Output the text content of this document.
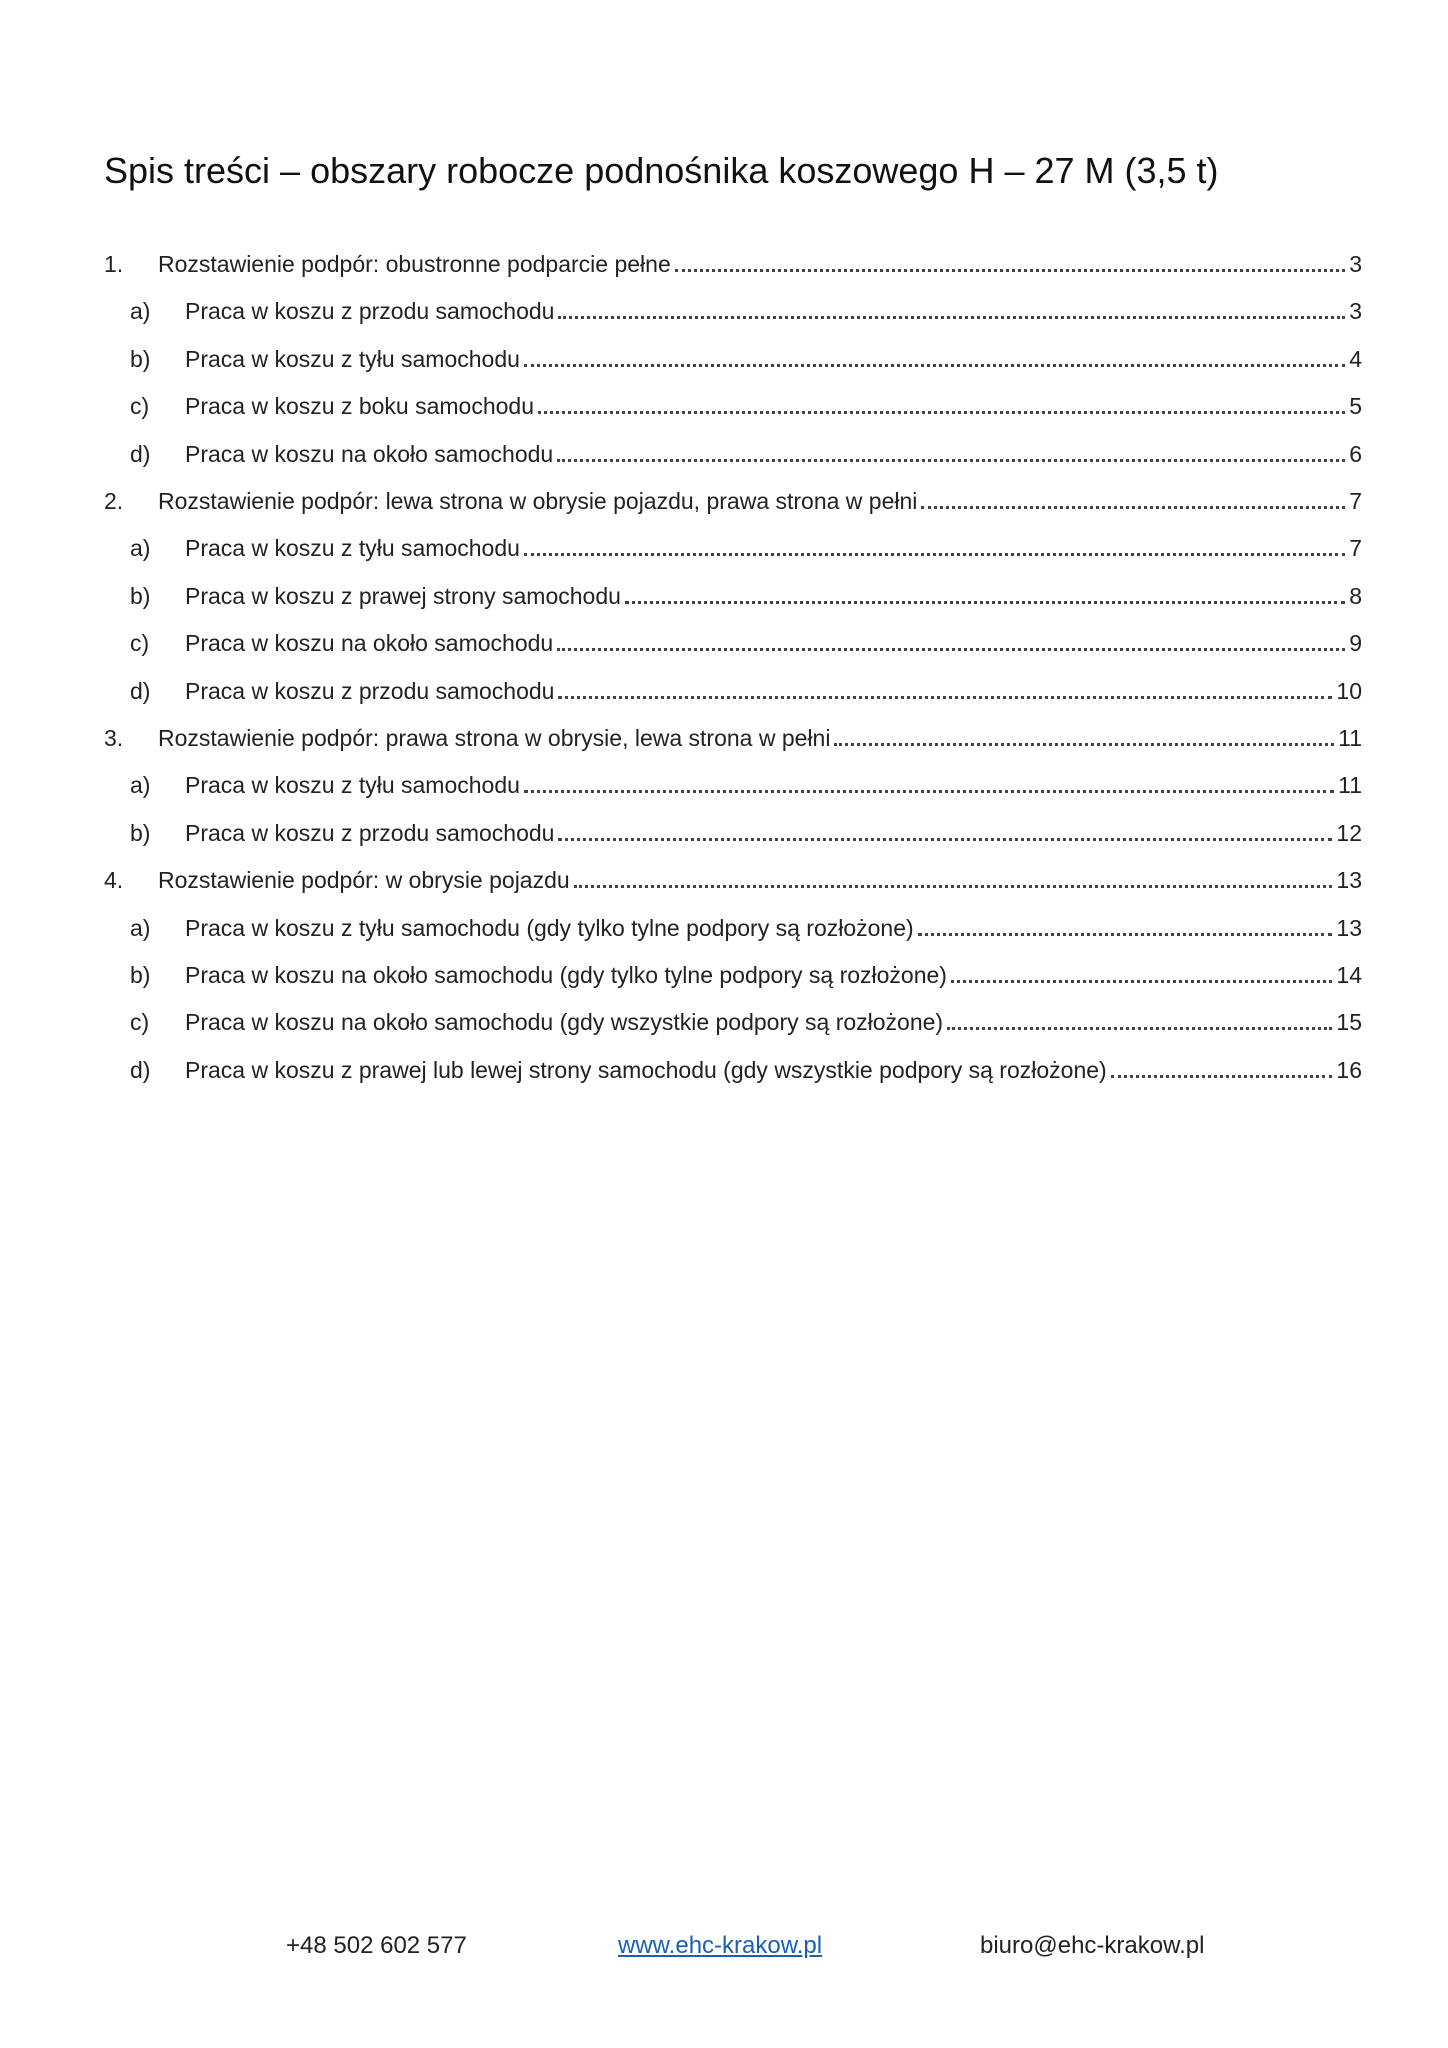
Spis treści – obszary robocze podnośnika koszowego H – 27 M (3,5 t)
1.	Rozstawienie podpór: obustronne podparcie pełne	3
a)	Praca w koszu z przodu samochodu	3
b)	Praca w koszu z tyłu samochodu	4
c)	Praca w koszu z boku samochodu	5
d)	Praca w koszu na około samochodu	6
2.	Rozstawienie podpór: lewa strona w obrysie pojazdu, prawa strona w pełni	7
a)	Praca w koszu z tyłu samochodu	7
b)	Praca w koszu z prawej strony samochodu	8
c)	Praca w koszu na około samochodu	9
d)	Praca w koszu z przodu samochodu	10
3.	Rozstawienie podpór: prawa strona w obrysie, lewa strona w pełni	11
a)	Praca w koszu z tyłu samochodu	11
b)	Praca w koszu z przodu samochodu	12
4.	Rozstawienie podpór: w obrysie pojazdu	13
a)	Praca w koszu z tyłu samochodu (gdy tylko tylne podpory są rozłożone)	13
b)	Praca w koszu na około samochodu (gdy tylko tylne podpory są rozłożone)	14
c)	Praca w koszu na około samochodu (gdy wszystkie podpory są rozłożone)	15
d)	Praca w koszu z prawej lub lewej strony samochodu (gdy wszystkie podpory są rozłożone)	16
+48 502 602 577	www.ehc-krakow.pl	biuro@ehc-krakow.pl
